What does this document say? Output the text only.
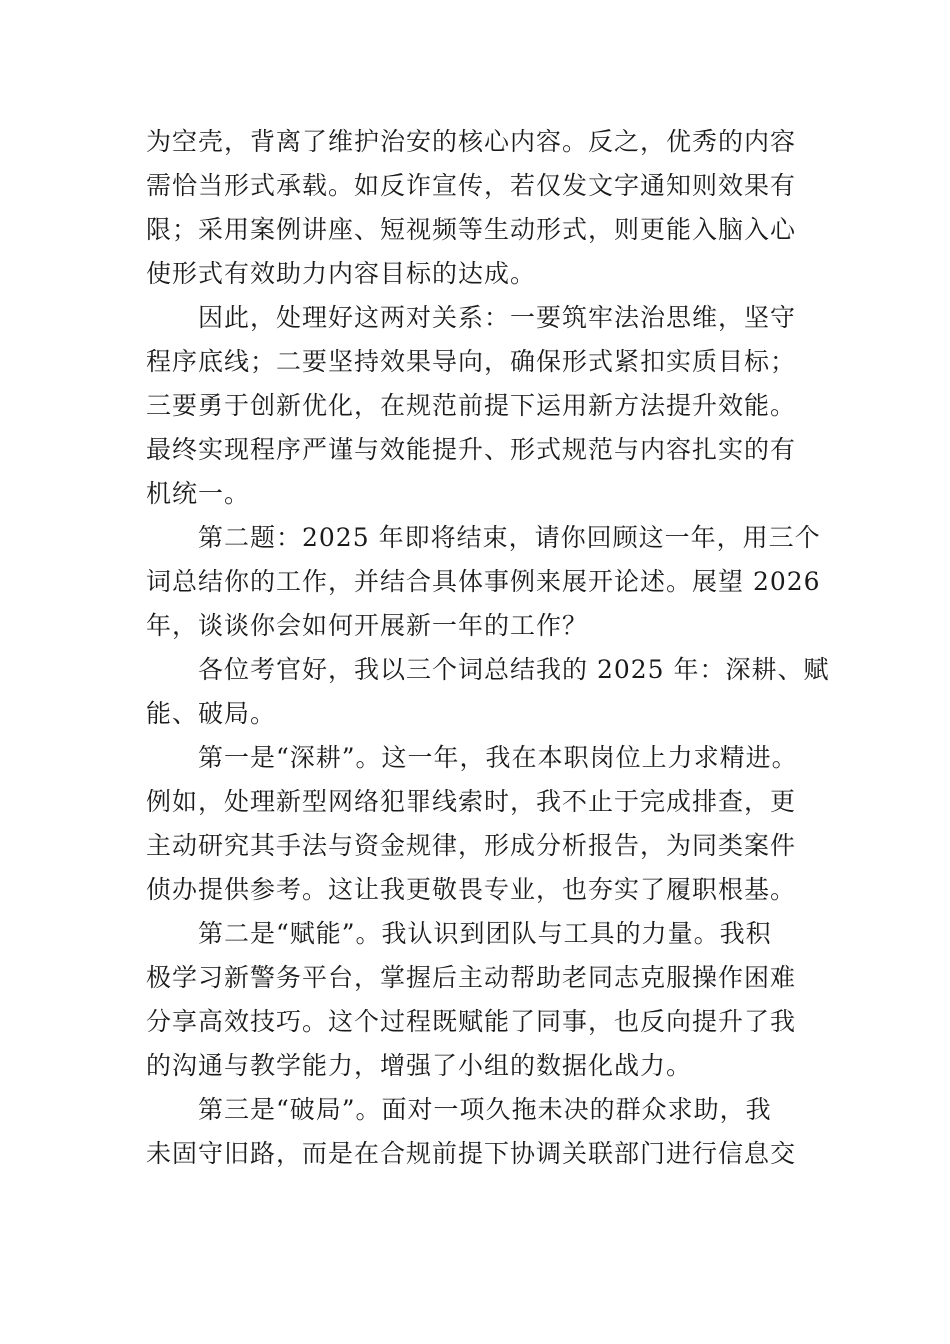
为空壳，背离了维护治安的核心内容。反之，优秀的内容
需恰当形式承载。如反诈宣传，若仅发文字通知则效果有
限；采用案例讲座、短视频等生动形式，则更能入脑入心
使形式有效助力内容目标的达成。
因此，处理好这两对关系：一要筑牢法治思维，坚守
程序底线；二要坚持效果导向，确保形式紧扣实质目标；
三要勇于创新优化，在规范前提下运用新方法提升效能。
最终实现程序严谨与效能提升、形式规范与内容扎实的有
机统一。
第二题：2025 年即将结束，请你回顾这一年，用三个
词总结你的工作，并结合具体事例来展开论述。展望 2026
年，谈谈你会如何开展新一年的工作？
各位考官好，我以三个词总结我的 2025 年：深耕、赋
能、破局。
第一是“深耕”。这一年，我在本职岗位上力求精进。
例如，处理新型网络犯罪线索时，我不止于完成排查，更
主动研究其手法与资金规律，形成分析报告，为同类案件
侦办提供参考。这让我更敬畏专业，也夯实了履职根基。
第二是“赋能”。我认识到团队与工具的力量。我积
极学习新警务平台，掌握后主动帮助老同志克服操作困难
分享高效技巧。这个过程既赋能了同事，也反向提升了我
的沟通与教学能力，增强了小组的数据化战力。
第三是“破局”。面对一项久拖未决的群众求助，我
未固守旧路，而是在合规前提下协调关联部门进行信息交
